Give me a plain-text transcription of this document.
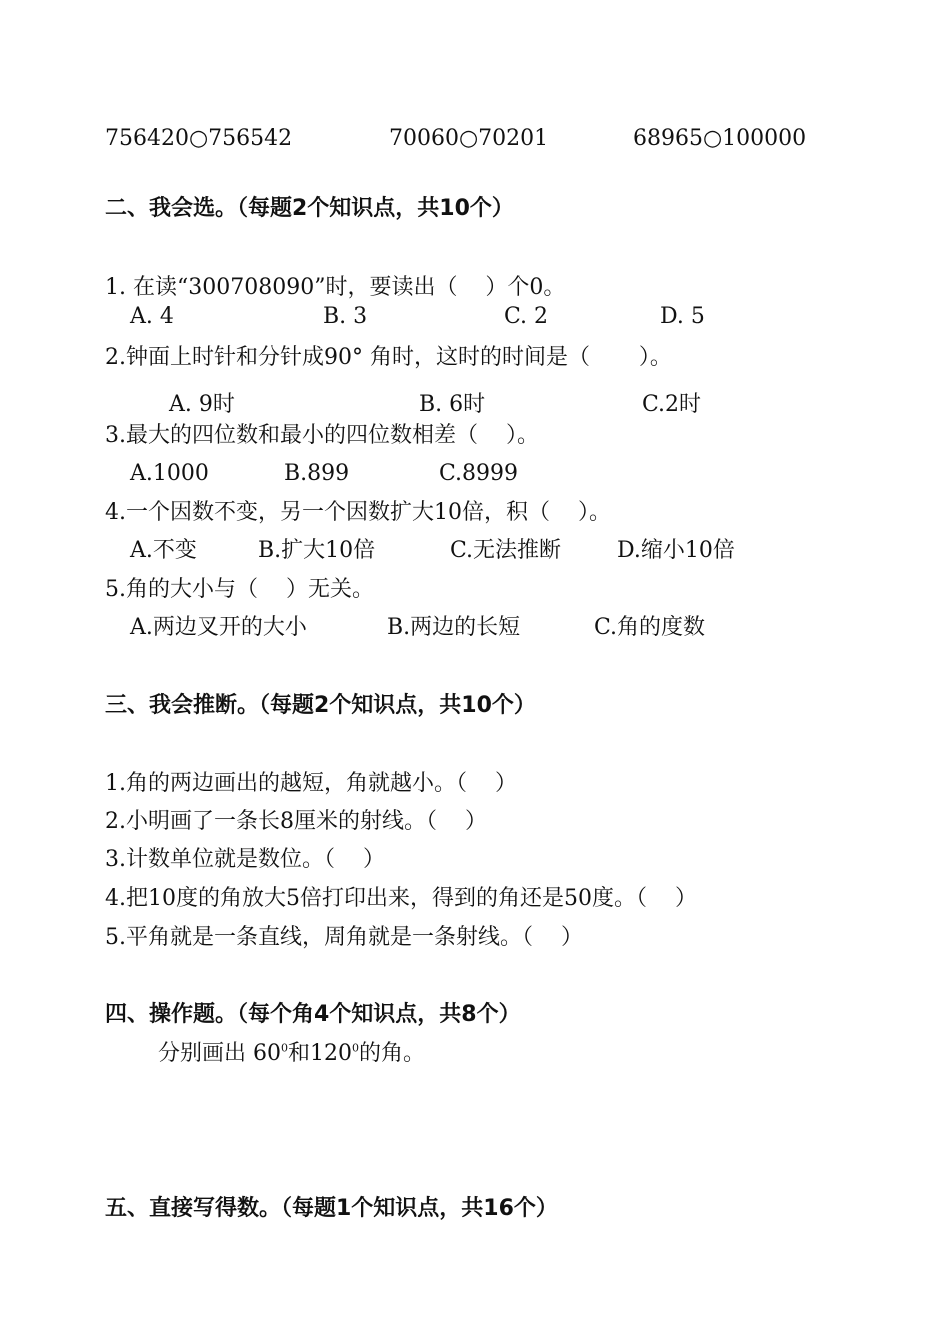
756420○756542	70060○70201	68965○100000
二、我会选。（每题2个知识点，共10个）
1. 在读“300708090”时，要读出（    ）个0。
A. 4	B. 3	C. 2	D. 5
2.钟面上时针和分针成90° 角时，这时的时间是（       ）。
A. 9时	B. 6时	C.2时
3.最大的四位数和最小的四位数相差（    ）。
A.1000	B.899	C.8999
4.一个因数不变，另一个因数扩大10倍，积（    ）。
A.不变	B.扩大10倍	C.无法推断	D.缩小10倍
5.角的大小与（    ）无关。
A.两边叉开的大小	B.两边的长短	C.角的度数
三、我会推断。（每题2个知识点，共10个）
1.角的两边画出的越短，角就越小。（    ）
2.小明画了一条长8厘米的射线。（    ）
3.计数单位就是数位。（    ）
4.把10度的角放大5倍打印出来，得到的角还是50度。（    ）
5.平角就是一条直线，周角就是一条射线。（    ）
四、操作题。（每个角4个知识点，共8个）
分别画出 $60^0$和$120^0$的角。
五、直接写得数。（每题1个知识点，共16个）
